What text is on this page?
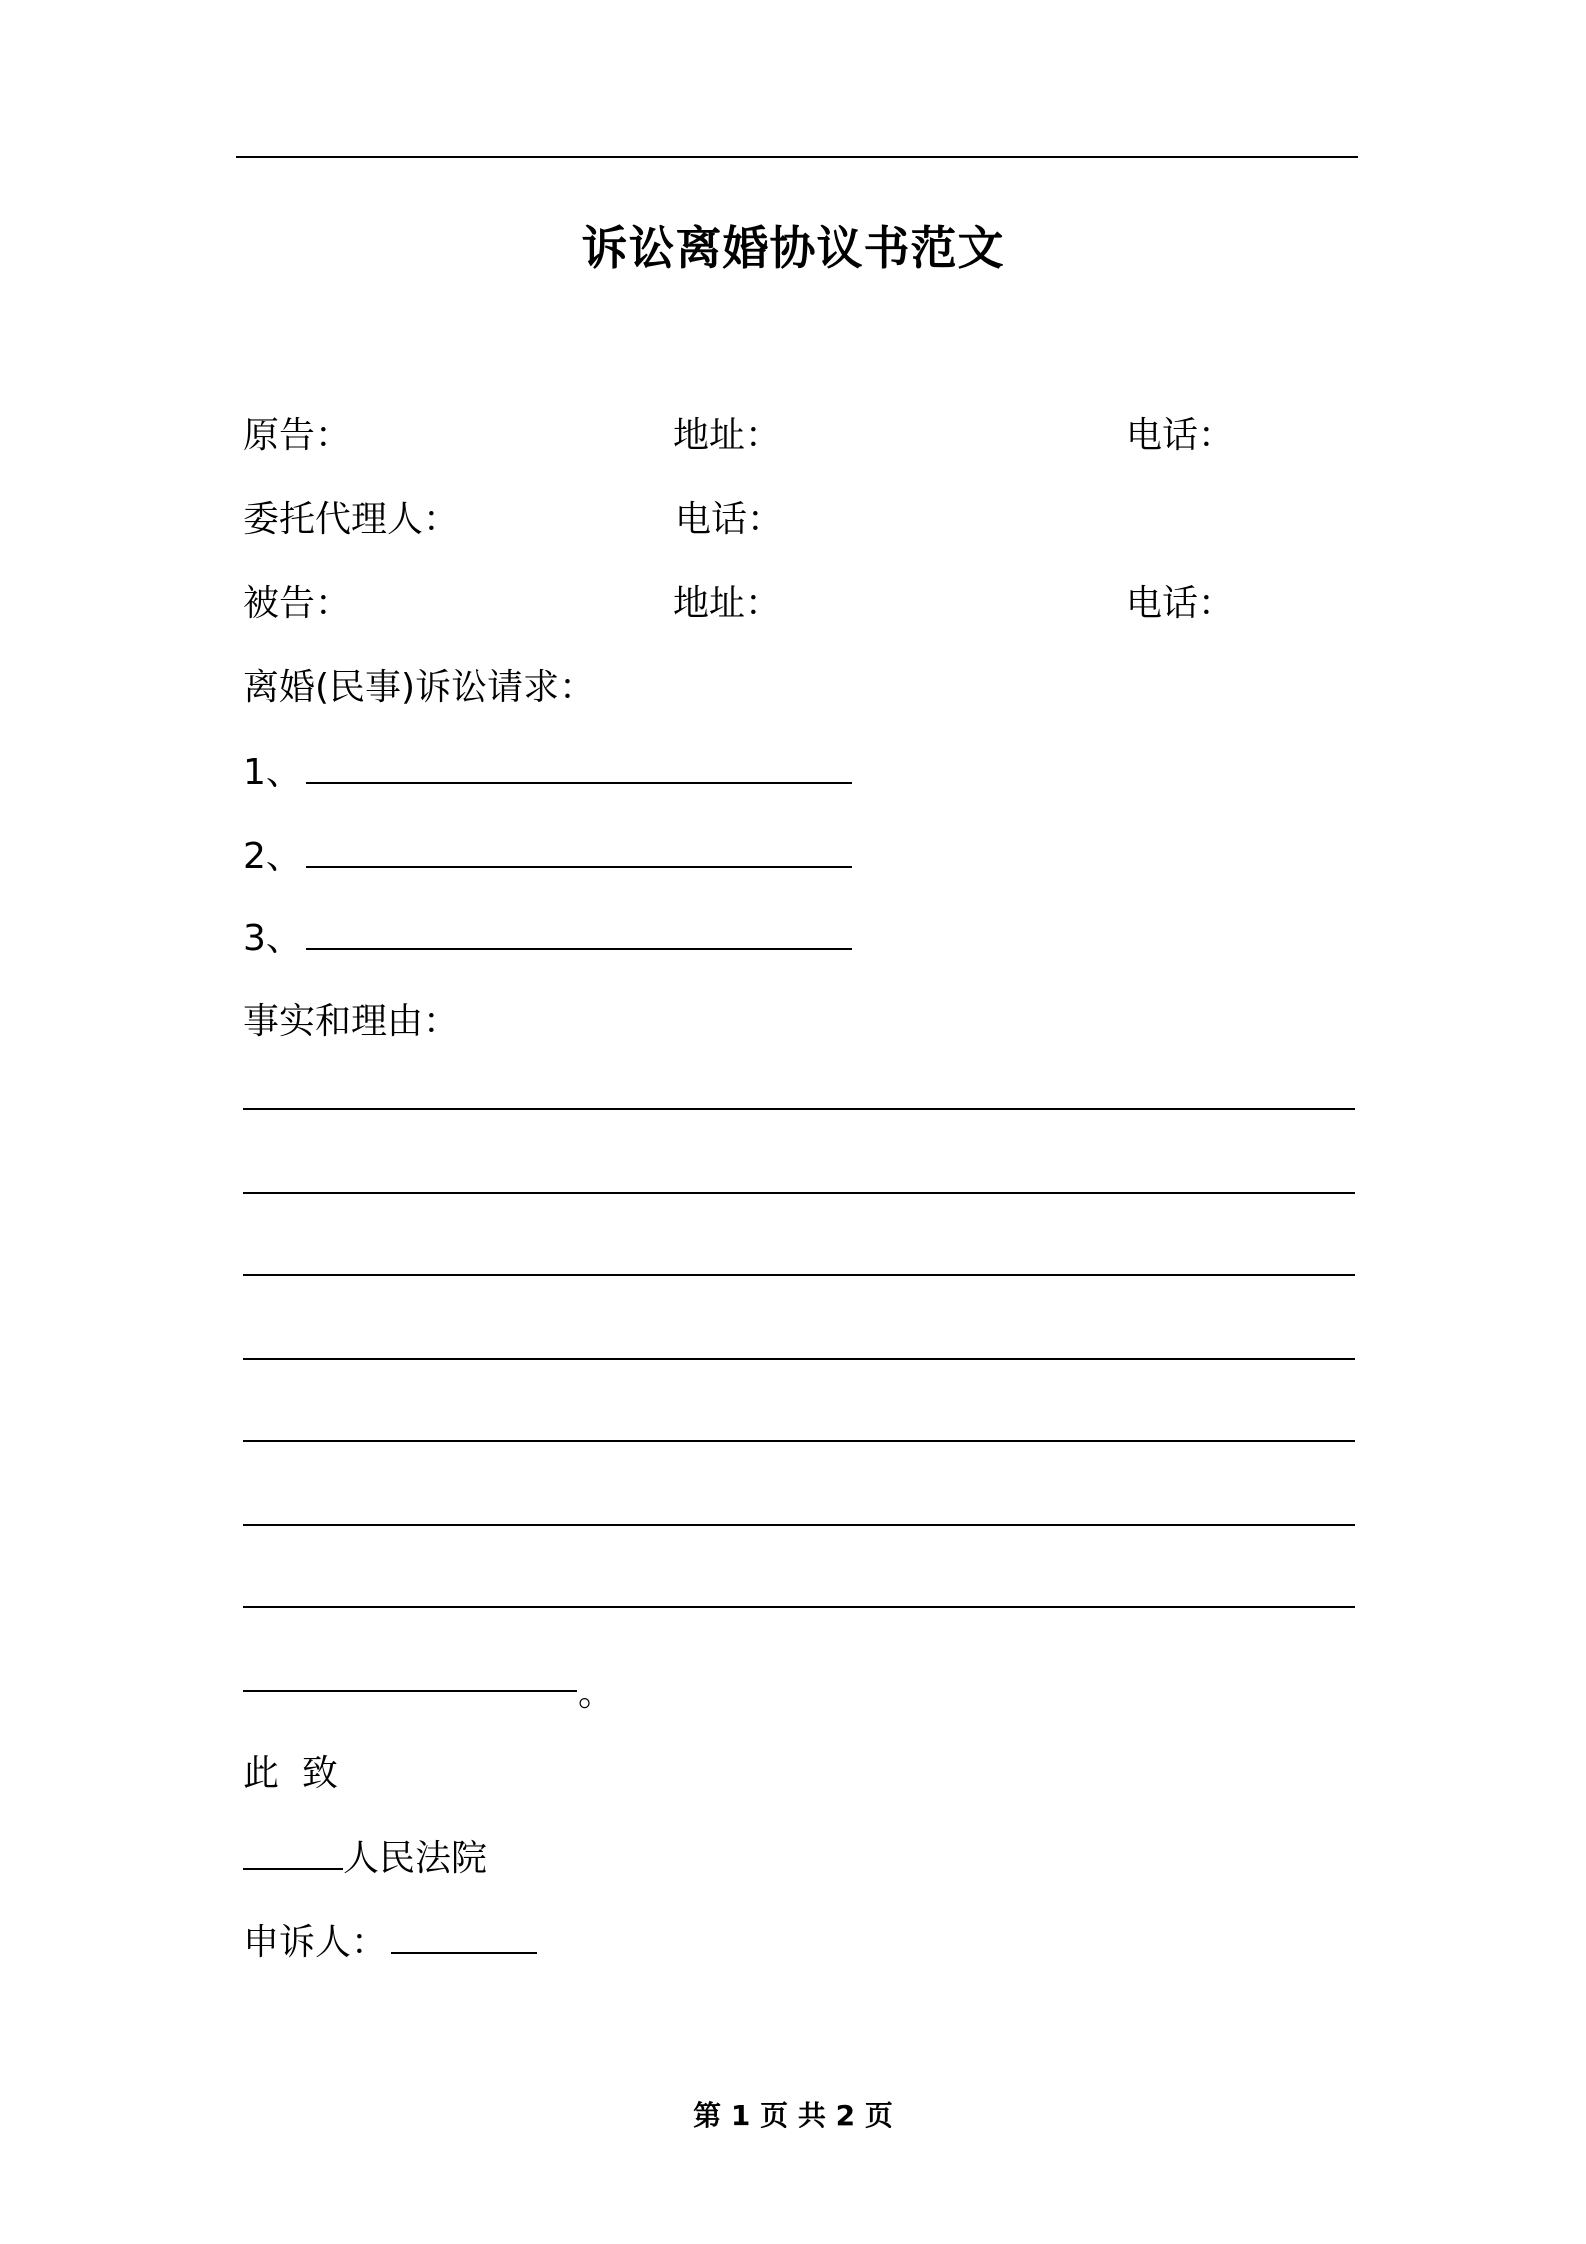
诉讼离婚协议书范文
原告：	地址：	电话：
委托代理人：	电话：
被告：	地址：	电话：
离婚(民事)诉讼请求：
1、
2、
3、
事实和理由：
。
此  致
人民法院
申诉人：
第 1 页 共 2 页
